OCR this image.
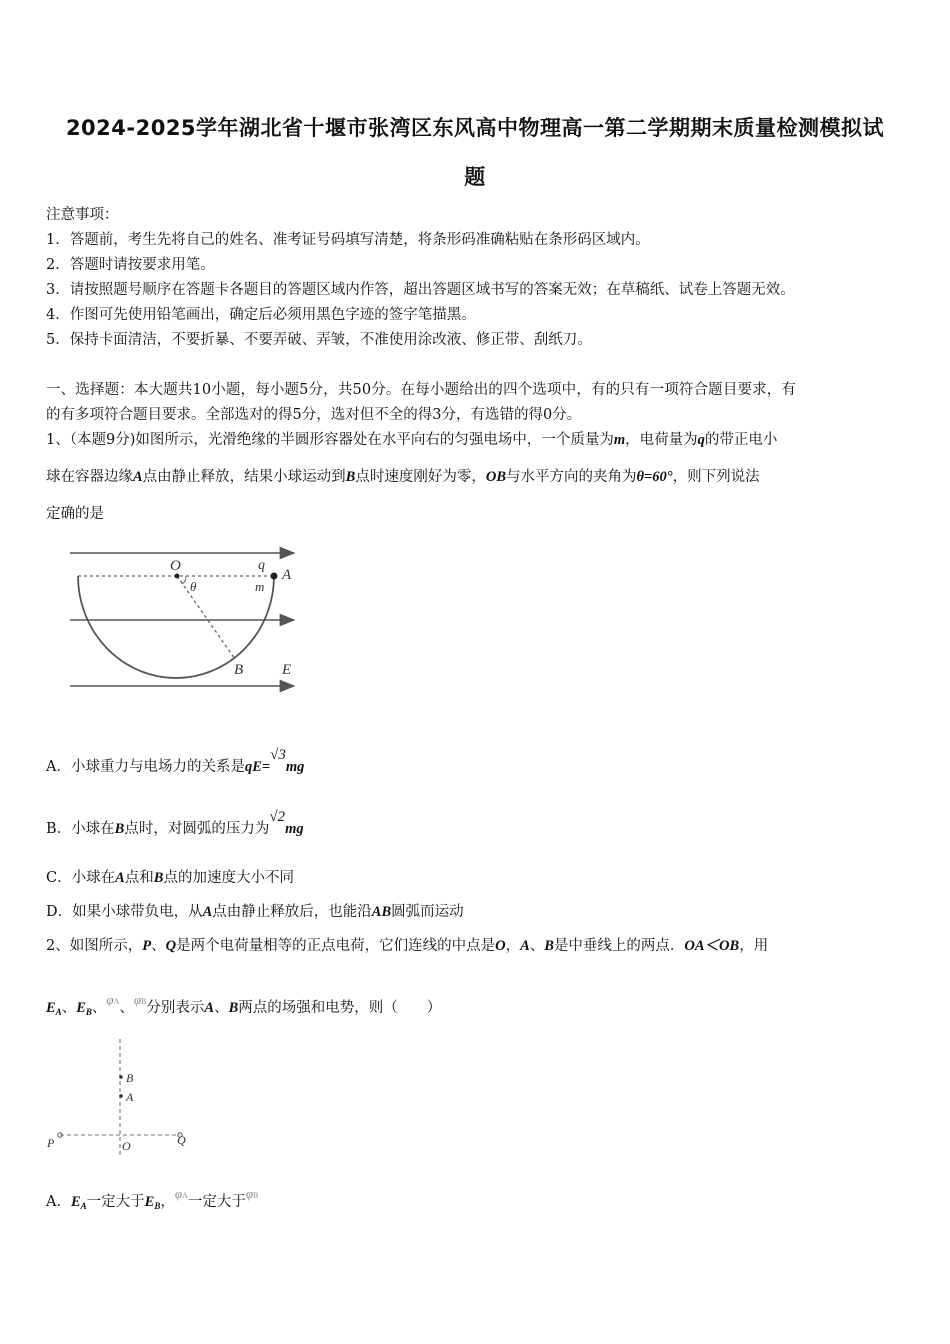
2024-2025学年湖北省十堰市张湾区东风高中物理高一第二学期期末质量检测模拟试
题
注意事项：
1．答题前，考生先将自己的姓名、准考证号码填写清楚，将条形码准确粘贴在条形码区域内。
2．答题时请按要求用笔。
3．请按照题号顺序在答题卡各题目的答题区域内作答，超出答题区域书写的答案无效；在草稿纸、试卷上答题无效。
4．作图可先使用铅笔画出，确定后必须用黑色字迹的签字笔描黑。
5．保持卡面清洁，不要折暴、不要弄破、弄皱，不准使用涂改液、修正带、刮纸刀。
一、选择题：本大题共10小题，每小题5分，共50分。在每小题给出的四个选项中，有的只有一项符合题目要求，有
的有多项符合题目要求。全部选对的得5分，选对但不全的得3分，有选错的得0分。
1、（本题9分)如图所示，光滑绝缘的半圆形容器处在水平向右的匀强电场中，一个质量为m，电荷量为q的带正电小
球在容器边缘A点由静止释放，结果小球运动到B点时速度刚好为零，OB与水平方向的夹角为θ=60°，则下列说法
定确的是
O	q
A
m
θ
B	E
A．小球重力与电场力的关系是qE=√3mg
B．小球在B点时，对圆弧的压力为√2mg
C．小球在A点和B点的加速度大小不同
D．如果小球带负电，从A点由静止释放后，也能沿AB圆弧而运动
2、如图所示，P、Q是两个电荷量相等的正点电荷，它们连线的中点是O，A、B是中垂线上的两点．OA＜OB，用
$E_A$、$E_B$、φA、φB分别表示A、B两点的场强和电势，则（　　）
B
A
P	O	Q
A．$E_A$一定大于$E_B$，φA一定大于φB
